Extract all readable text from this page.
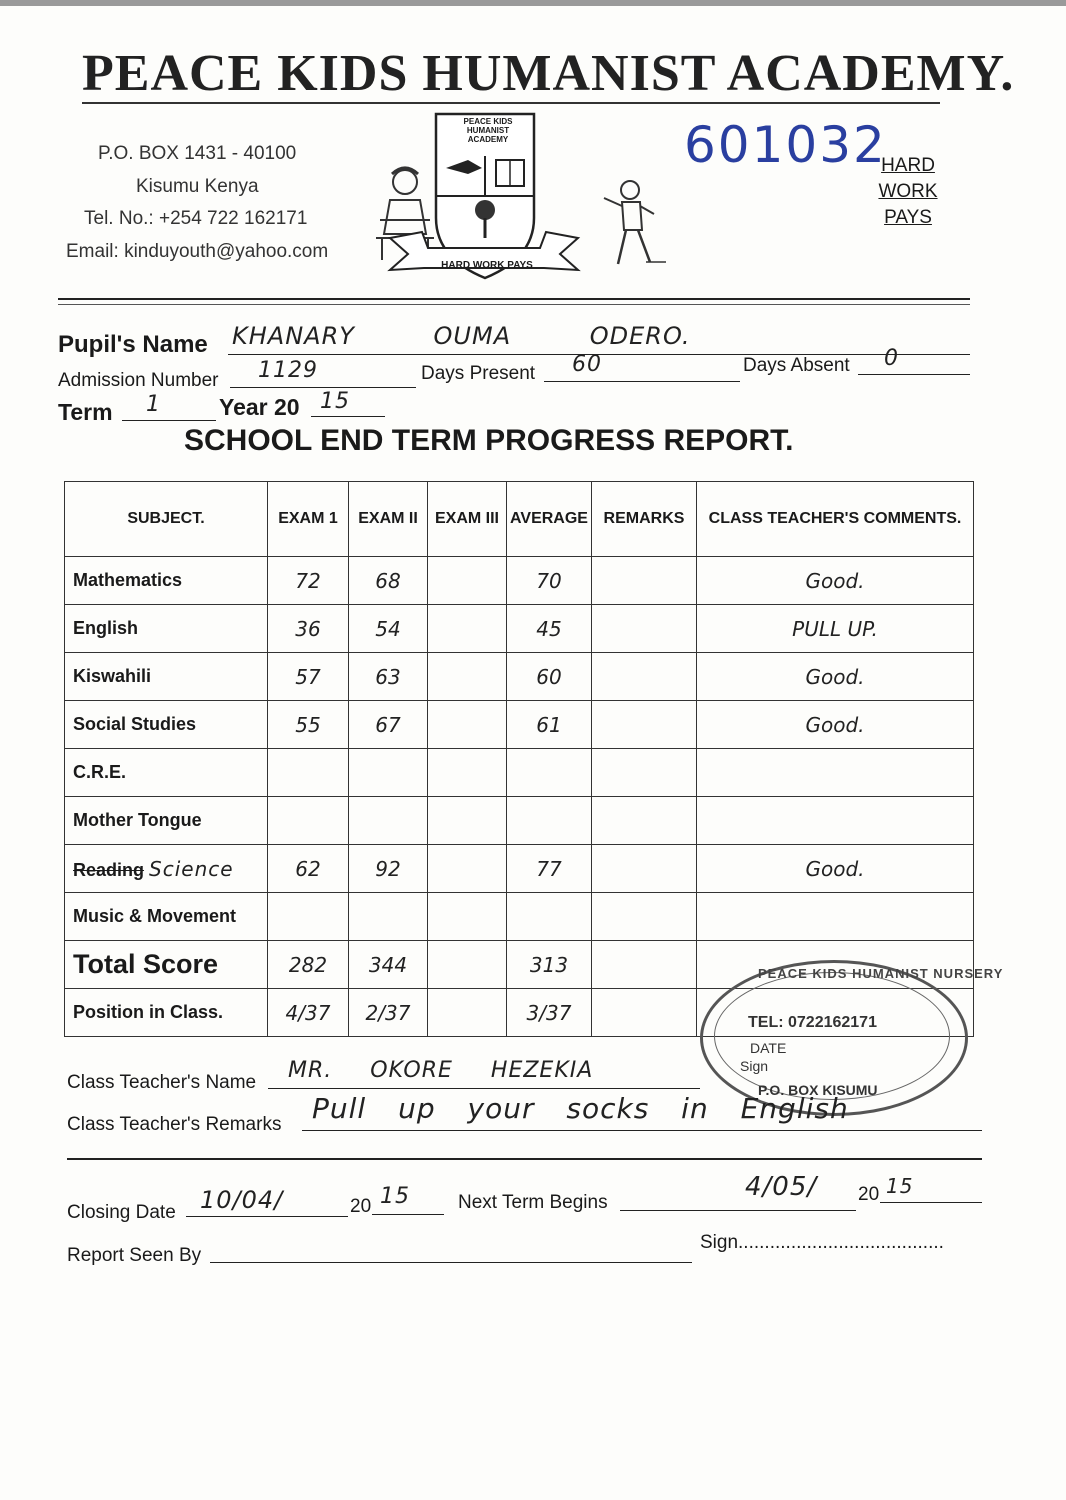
PEACE KIDS HUMANIST ACADEMY.
P.O. BOX 1431 - 40100
Kisumu Kenya
Tel. No.: +254 722 162171
Email: kinduyouth@yahoo.com
PEACE KIDS HUMANIST ACADEMY
HARD WORK PAYS
601032
HARD
WORK
PAYS
Pupil's Name KHANARY OUMA ODERO.
Admission Number 1129	Days Present 60	Days Absent 0
Term 1	Year 20 15
SCHOOL END TERM PROGRESS REPORT.
SUBJECT.	EXAM 1	EXAM II	EXAM III	AVERAGE	REMARKS	CLASS TEACHER'S COMMENTS.
Mathematics	72	68		70		Good.
English	36	54		45		PULL UP.
Kiswahili	57	63		60		Good.
Social Studies	55	67		61		Good.
C.R.E.						
Mother Tongue						
Reading Science	62	92		77		Good.
Music & Movement						
Total Score	282	344		313		
Position in Class.	4/37	2/37		3/37		
PEACE KIDS HUMANIST NURSERY
TEL: 0722162171
DATE
Sign
P.O. BOX KISUMU
Class Teacher's Name MR. OKORE HEZEKIA
Class Teacher's Remarks Pull up your socks in English
Closing Date 10/04/	20 15	Next Term Begins
4/05/ 20 15
Report Seen By
Sign.......................................
